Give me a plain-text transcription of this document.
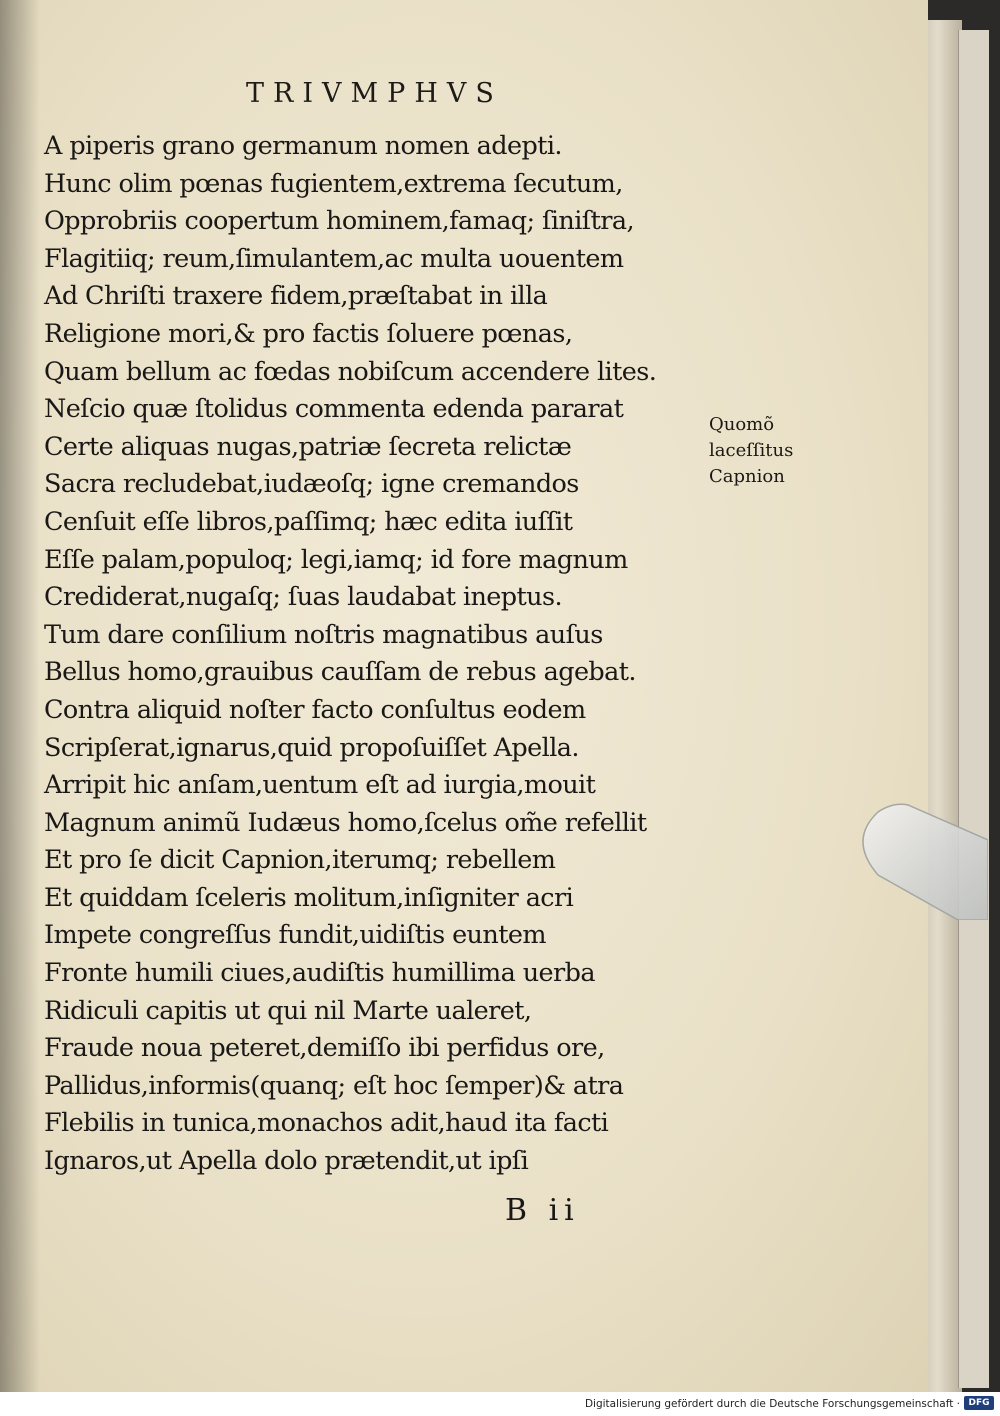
TRIVMPHVS
A piperis grano germanum nomen adepti.
Hunc olim pœnas fugientem,extrema ſecutum,
Opprobriis coopertum hominem,famaq; ſiniſtra,
Flagitiiq; reum,ſimulantem,ac multa uouentem
Ad Chriſti traxere fidem,præſtabat in illa
Religione mori,& pro factis ſoluere pœnas,
Quam bellum ac fœdas nobiſcum accendere lites.
Neſcio quæ ſtolidus commenta edenda pararat
Certe aliquas nugas,patriæ ſecreta relictæ
Sacra recludebat,iudæoſq; igne cremandos
Cenſuit eſſe libros,paſſimq; hæc edita iuſſit
Eſſe palam,populoq; legi,iamq; id fore magnum
Crediderat,nugaſq; ſuas laudabat ineptus.
Tum dare conſilium noſtris magnatibus auſus
Bellus homo,grauibus cauſſam de rebus agebat.
Contra aliquid noſter facto conſultus eodem
Scripſerat,ignarus,quid propoſuiſſet Apella.
Arripit hic anſam,uentum eſt ad iurgia,mouit
Magnum animũ Iudæus homo,ſcelus om̃e refellit
Et pro ſe dicit Capnion,iterumq; rebellem
Et quiddam ſceleris molitum,inſigniter acri
Impete congreſſus fundit,uidiſtis euntem
Fronte humili ciues,audiſtis humillima uerba
Ridiculi capitis ut qui nil Marte ualeret,
Fraude noua peteret,demiſſo ibi perfidus ore,
Pallidus,informis(quanq; eſt hoc ſemper)& atra
Flebilis in tunica,monachos adit,haud ita facti
Ignaros,ut Apella dolo prætendit,ut ipſi
Quomõ
laceſſitus
Capnion
B ii
Digitalisierung gefördert durch die Deutsche Forschungsgemeinschaft · DFG
